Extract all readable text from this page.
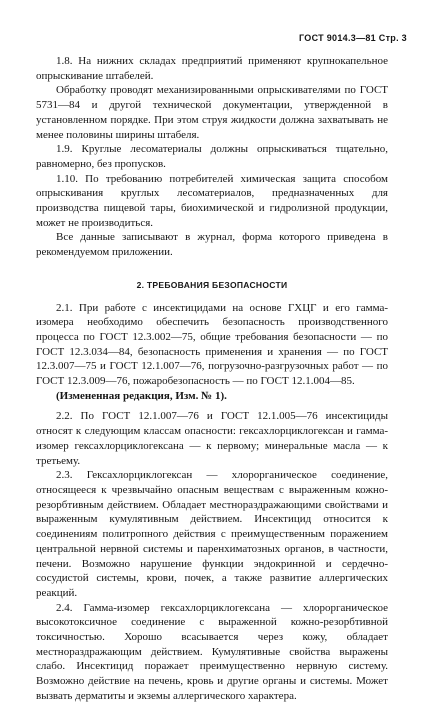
ГОСТ 9014.3—81 Стр. 3

1.8. На нижних складах предприятий применяют крупнокапельное опрыскивание штабелей.

Обработку проводят механизированными опрыскивателями по ГОСТ 5731—84 и другой технической документации, утвержденной в установленном порядке. При этом струя жидкости должна захватывать не менее половины ширины штабеля.

1.9. Круглые лесоматериалы должны опрыскиваться тщательно, равномерно, без пропусков.

1.10. По требованию потребителей химическая защита способом опрыскивания круглых лесоматериалов, предназначенных для производства пищевой тары, биохимической и гидролизной продукции, может не производиться.

Все данные записывают в журнал, форма которого приведена в рекомендуемом приложении.

2. ТРЕБОВАНИЯ БЕЗОПАСНОСТИ

2.1. При работе с инсектицидами на основе ГХЦГ и его гамма-изомера необходимо обеспечить безопасность производственного процесса по ГОСТ 12.3.002—75, общие требования безопасности — по ГОСТ 12.3.034—84, безопасность применения и хранения — по ГОСТ 12.3.007—75 и ГОСТ 12.1.007—76, погрузочно-разгрузочных работ — по ГОСТ 12.3.009—76, пожаробезопасность — по ГОСТ 12.1.004—85.

(Измененная редакция, Изм. № 1).

2.2. По ГОСТ 12.1.007—76 и ГОСТ 12.1.005—76 инсектициды относят к следующим классам опасности: гексахлорциклогексан и гамма-изомер гексахлорциклогексана — к первому; минеральные масла — к третьему.

2.3. Гексахлорциклогексан — хлорорганическое соединение, относящееся к чрезвычайно опасным веществам с выраженным кожно-резорбтивным действием. Обладает местнораздражающими свойствами и выраженным кумулятивным действием. Инсектицид относится к соединениям политропного действия с преимущественным поражением центральной нервной системы и паренхиматозных органов, в частности, печени. Возможно нарушение функции эндокринной и сердечно-сосудистой системы, крови, почек, а также развитие аллергических реакций.

2.4. Гамма-изомер гексахлорциклогексана — хлорорганическое высокотоксичное соединение с выраженной кожно-резорбтивной токсичностью. Хорошо всасывается через кожу, обладает местнораздражающим действием. Кумулятивные свойства выражены слабо. Инсектицид поражает преимущественно нервную систему. Возможно действие на печень, кровь и другие органы и системы. Может вызвать дерматиты и экземы аллергического характера.
